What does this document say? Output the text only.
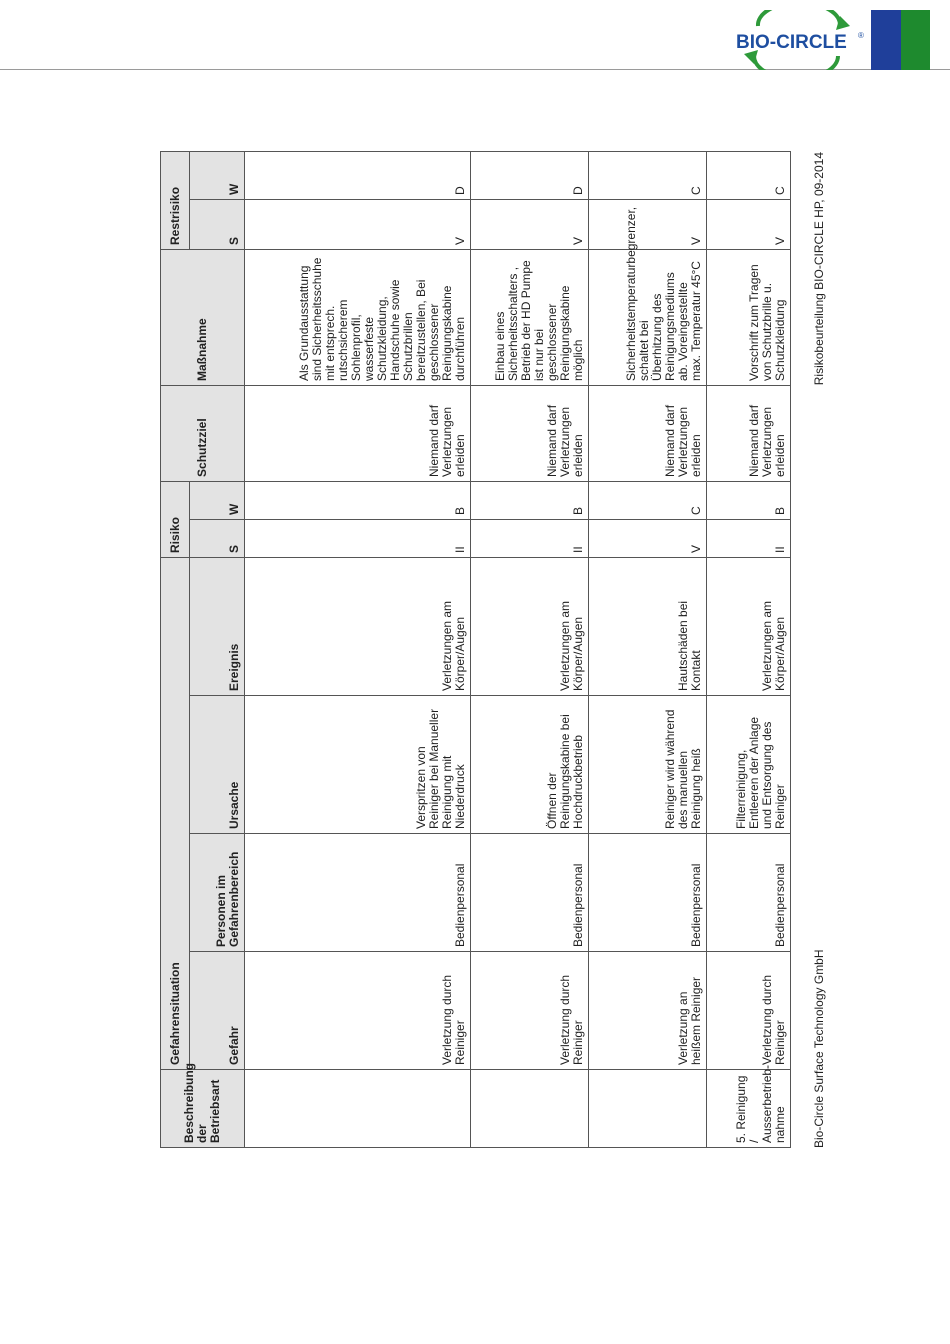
BIO-CIRCLE ®
Beschreibung der Betriebsart	Gefahrensituation				Risiko		Schutzziel	Maßnahme	Restrisiko	
	Gefahr	Personen im Gefahrenbereich	Ursache	Ereignis	S	W			S	W
	Verletzung durch Reiniger	Bedienpersonal	Verspritzen von Reiniger bei Manueller Reinigung mit Niederdruck	Verletzungen am Körper/Augen	II	B	Niemand darf Verletzungen erleiden	Als Grundausstattung sind Sicherheitsschuhe mit entsprech. rutschsicherem Sohlenprofil, wasserfeste Schutzkleidung, Handschuhe sowie Schutzbrillen bereitzustellen, Bei geschlossener Reinigungskabine durchführen	V	D
	Verletzung durch Reiniger	Bedienpersonal	Öffnen der Reinigungskabine bei Hochdruckbetrieb	Verletzungen am Körper/Augen	II	B	Niemand darf Verletzungen erleiden	Einbau eines Sicherheitsschalters , Betrieb der HD Pumpe ist nur bei geschlossener Reinigungskabine möglich	V	D
	Verletzung an heißem Reiniger	Bedienpersonal	Reiniger wird während des manuellen Reinigung heiß	Hautschäden bei Kontakt	V	C	Niemand darf Verletzungen erleiden	Sicherheitstemperaturbegrenzer, schaltet bei Überhitzung des Reinigungsmediums ab. Voreingestellte max. Temperatur 45°C	V	C
5. Reinigung / Ausserbetrieb-nahme	Verletzung durch Reiniger	Bedienpersonal	Filterreinigung, Entleeren der Anlage und Entsorgung des Reiniger	Verletzungen am Körper/Augen	II	B	Niemand darf Verletzungen erleiden	Vorschrift zum Tragen von Schutzbrille u. Schutzkleidung	V	C
Bio-Circle Surface Technology GmbH
Risikobeurteilung BIO-CIRCLE HP, 09-2014
